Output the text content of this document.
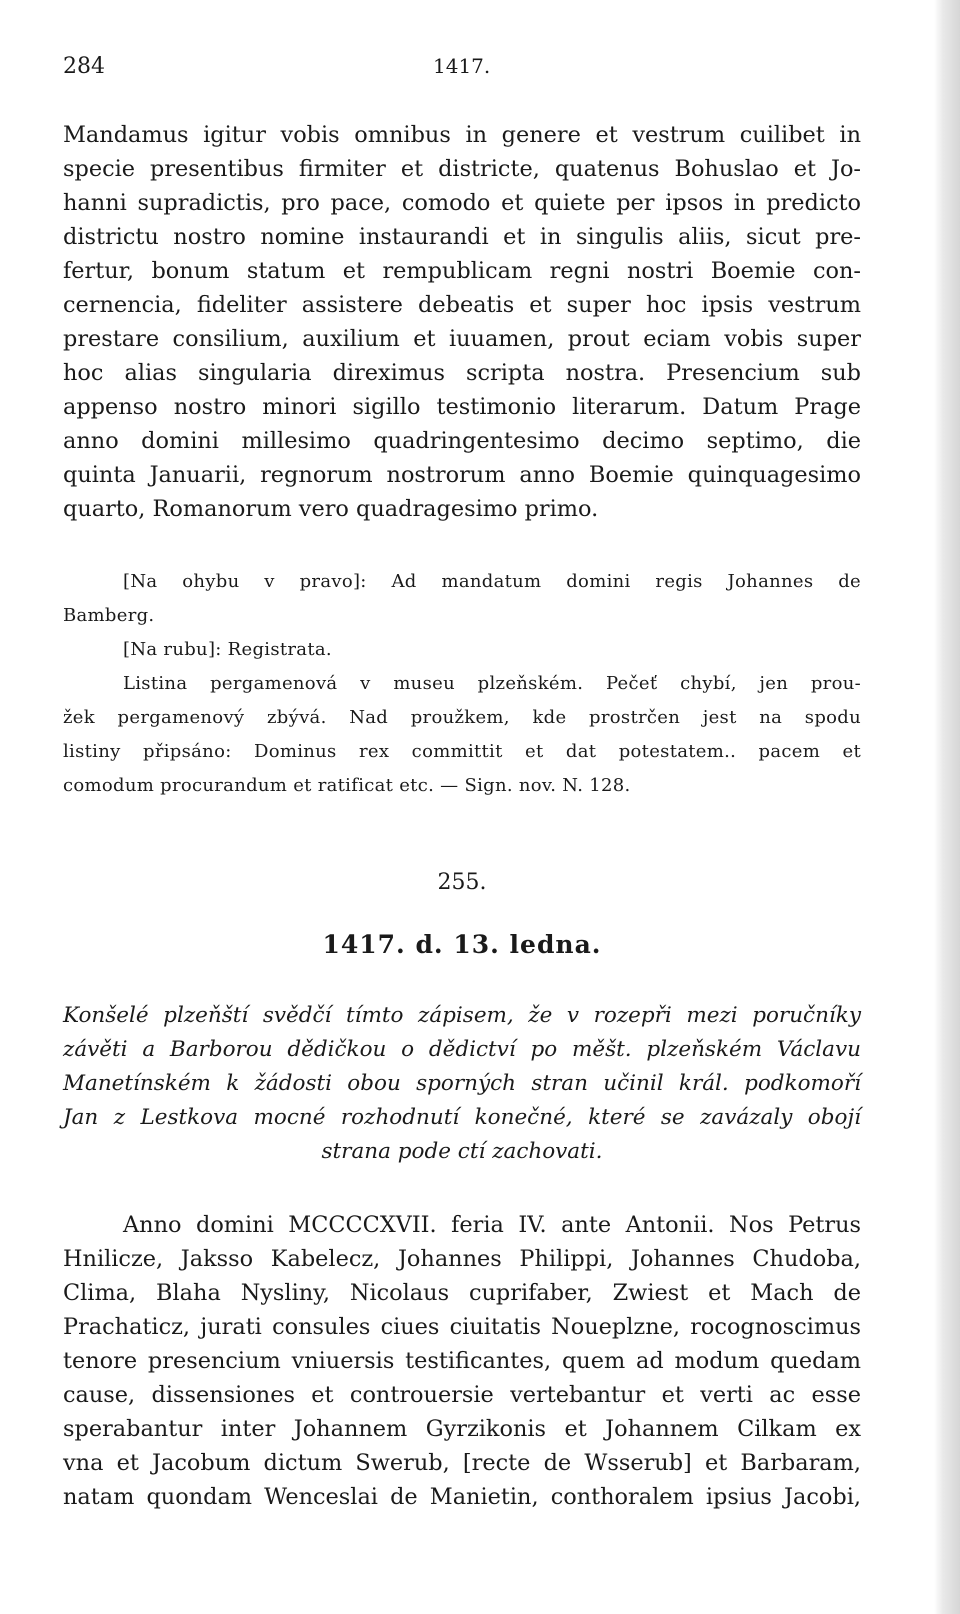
284	1417.
Mandamus igitur vobis omnibus in genere et vestrum cuilibet in
specie presentibus firmiter et districte, quatenus Bohuslao et Jo-
hanni supradictis, pro pace, comodo et quiete per ipsos in predicto
districtu nostro nomine instaurandi et in singulis aliis, sicut pre-
fertur, bonum statum et rempublicam regni nostri Boemie con-
cernencia, fideliter assistere debeatis et super hoc ipsis vestrum
prestare consilium, auxilium et iuuamen, prout eciam vobis super
hoc alias singularia direximus scripta nostra. Presencium sub
appenso nostro minori sigillo testimonio literarum. Datum Prage
anno domini millesimo quadringentesimo decimo septimo, die
quinta Januarii, regnorum nostrorum anno Boemie quinquagesimo
quarto, Romanorum vero quadragesimo primo.
[Na ohybu v pravo]: Ad mandatum domini regis Johannes de
Bamberg.
[Na rubu]: Registrata.
Listina pergamenová v museu plzeňském. Pečeť chybí, jen prou-
žek pergamenový zbývá. Nad proužkem, kde prostrčen jest na spodu
listiny připsáno: Dominus rex committit et dat potestatem.. pacem et
comodum procurandum et ratificat etc. — Sign. nov. N. 128.
255.
1417. d. 13. ledna.
Konšelé plzeňští svědčí tímto zápisem, že v rozepři mezi poručníky
závěti a Barborou dědičkou o dědictví po měšt. plzeňském Václavu
Manetínském k žádosti obou sporných stran učinil král. podkomoří
Jan z Lestkova mocné rozhodnutí konečné, které se zavázaly obojí
strana pode ctí zachovati.
Anno domini MCCCCXVII. feria IV. ante Antonii. Nos Petrus
Hnilicze, Jaksso Kabelecz, Johannes Philippi, Johannes Chudoba,
Clima, Blaha Nysliny, Nicolaus cuprifaber, Zwiest et Mach de
Prachaticz, jurati consules ciues ciuitatis Noueplzne, rocognoscimus
tenore presencium vniuersis testificantes, quem ad modum quedam
cause, dissensiones et controuersie vertebantur et verti ac esse
sperabantur inter Johannem Gyrzikonis et Johannem Cilkam ex
vna et Jacobum dictum Swerub, [recte de Wsserub] et Barbaram,
natam quondam Wenceslai de Manietin, conthoralem ipsius Jacobi,
